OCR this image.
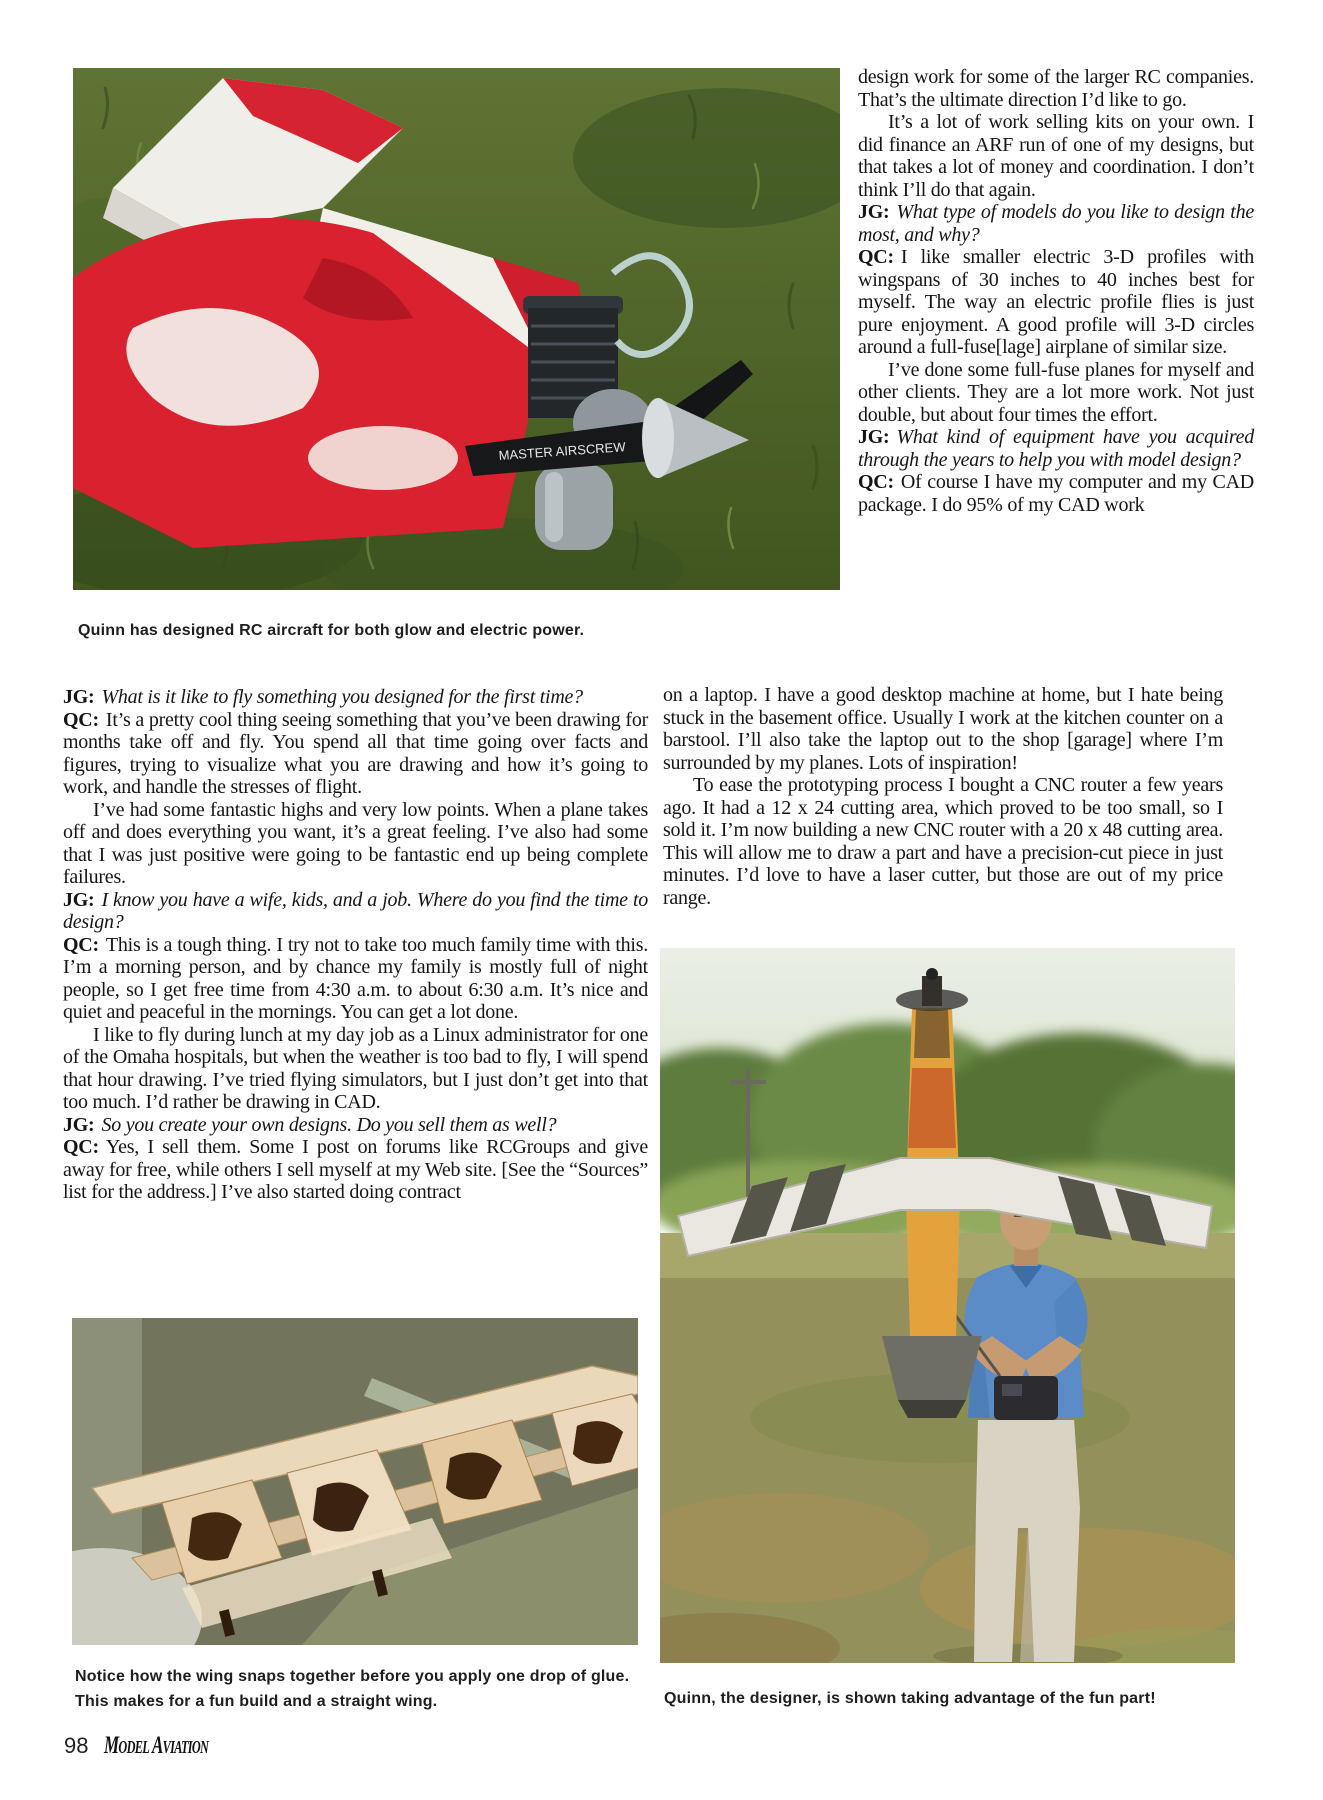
MASTER AIRSCREW
Quinn has designed RC aircraft for both glow and electric power.

design work for some of the larger RC companies. That’s the ultimate direction I’d like to go.

It’s a lot of work selling kits on your own. I did finance an ARF run of one of my designs, but that takes a lot of money and coordination. I don’t think I’ll do that again.

JG: What type of models do you like to design the most, and why?

QC: I like smaller electric 3-D profiles with wingspans of 30 inches to 40 inches best for myself. The way an electric profile flies is just pure enjoyment. A good profile will 3-D circles around a full-fuse[lage] airplane of similar size.

I’ve done some full-fuse planes for myself and other clients. They are a lot more work. Not just double, but about four times the effort.

JG: What kind of equipment have you acquired through the years to help you with model design?

QC: Of course I have my computer and my CAD package. I do 95% of my CAD work

JG: What is it like to fly something you designed for the first time?

QC: It’s a pretty cool thing seeing something that you’ve been drawing for months take off and fly. You spend all that time going over facts and figures, trying to visualize what you are drawing and how it’s going to work, and handle the stresses of flight.

I’ve had some fantastic highs and very low points. When a plane takes off and does everything you want, it’s a great feeling. I’ve also had some that I was just positive were going to be fantastic end up being complete failures.

JG: I know you have a wife, kids, and a job. Where do you find the time to design?

QC: This is a tough thing. I try not to take too much family time with this. I’m a morning person, and by chance my family is mostly full of night people, so I get free time from 4:30 a.m. to about 6:30 a.m. It’s nice and quiet and peaceful in the mornings. You can get a lot done.

I like to fly during lunch at my day job as a Linux administrator for one of the Omaha hospitals, but when the weather is too bad to fly, I will spend that hour drawing. I’ve tried flying simulators, but I just don’t get into that too much. I’d rather be drawing in CAD.

JG: So you create your own designs. Do you sell them as well?

QC: Yes, I sell them. Some I post on forums like RCGroups and give away for free, while others I sell myself at my Web site. [See the “Sources” list for the address.] I’ve also started doing contract

on a laptop. I have a good desktop machine at home, but I hate being stuck in the basement office. Usually I work at the kitchen counter on a barstool. I’ll also take the laptop out to the shop [garage] where I’m surrounded by my planes. Lots of inspiration!

To ease the prototyping process I bought a CNC router a few years ago. It had a 12 x 24 cutting area, which proved to be too small, so I sold it. I’m now building a new CNC router with a 20 x 48 cutting area. This will allow me to draw a part and have a precision-cut piece in just minutes. I’d love to have a laser cutter, but those are out of my price range.

Notice how the wing snaps together before you apply one drop of glue. This makes for a fun build and a straight wing.	Quinn, the designer, is shown taking advantage of the fun part!
98 Model Aviation
